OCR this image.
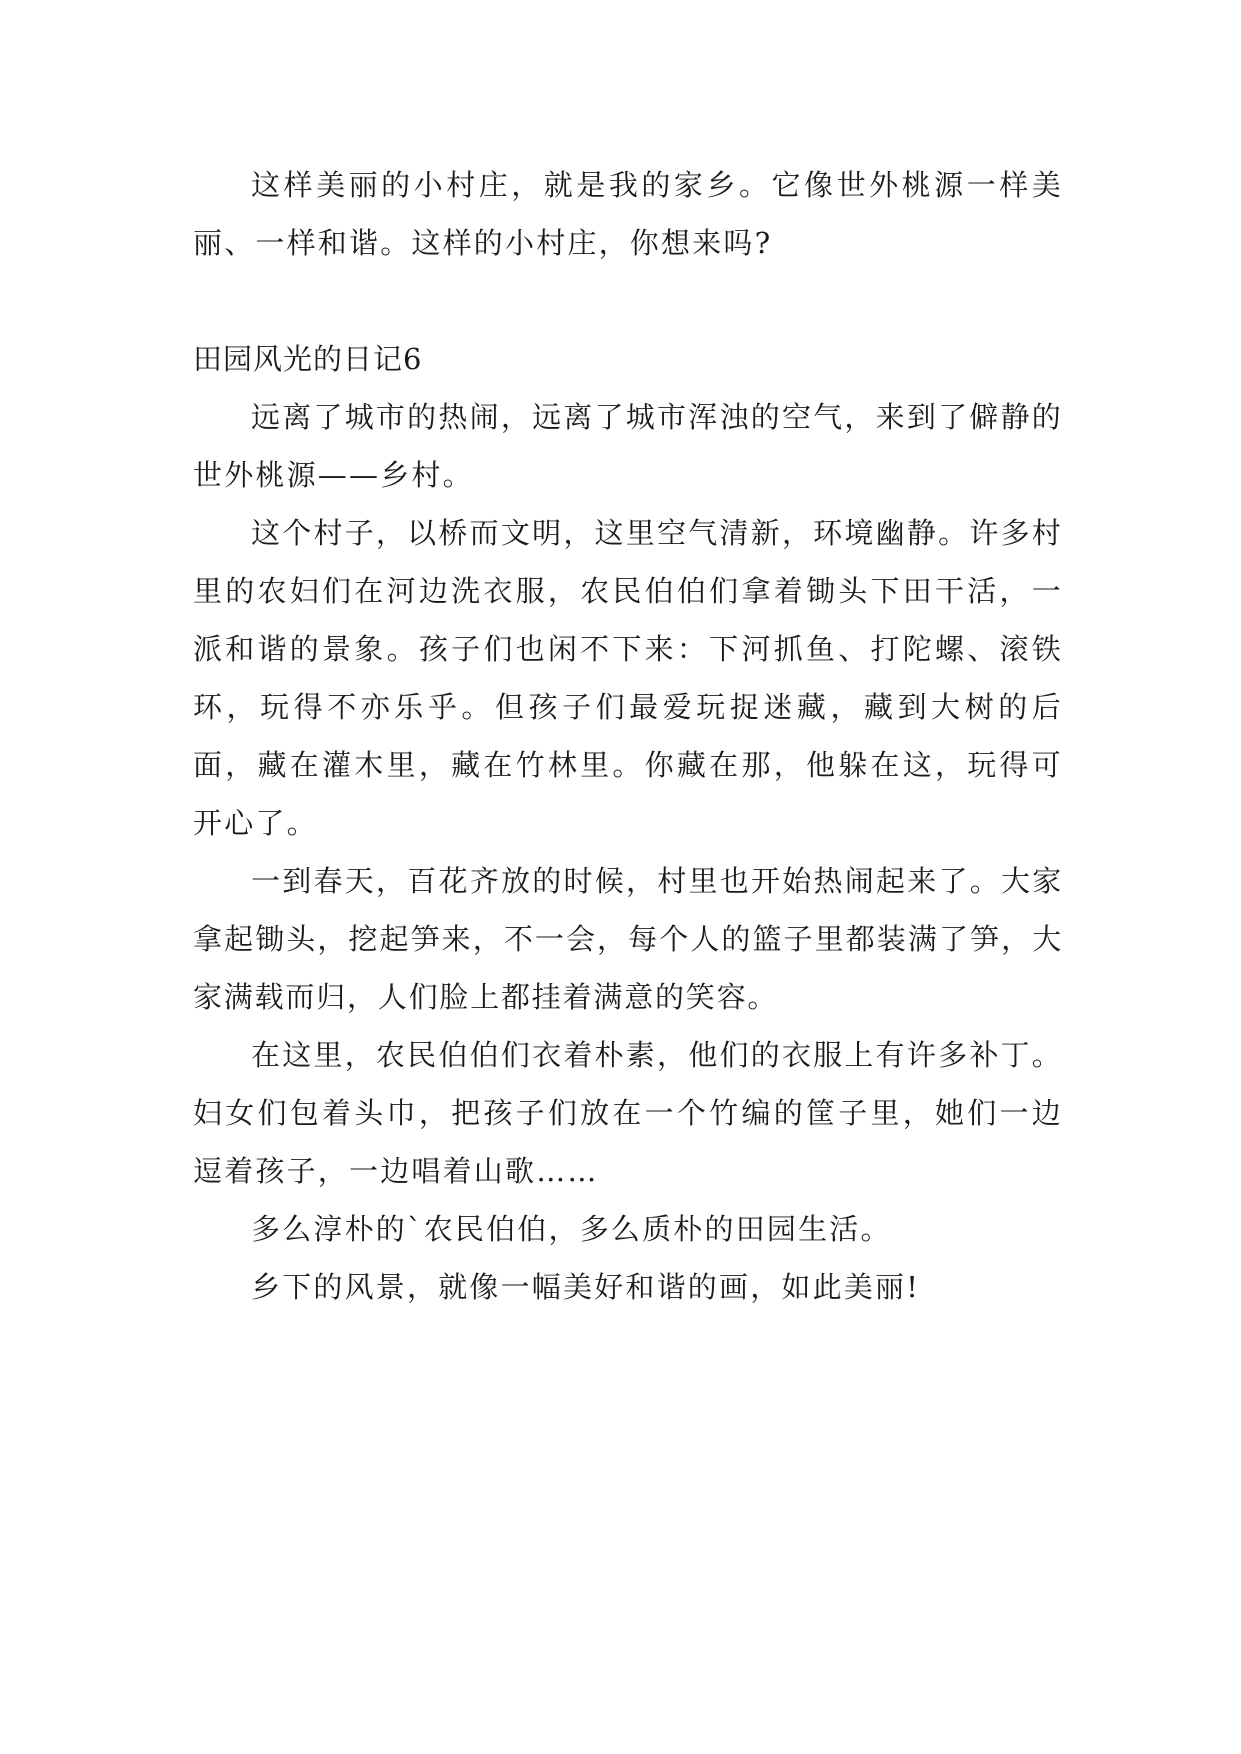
这样美丽的小村庄，就是我的家乡。它像世外桃源一样美丽、一样和谐。这样的小村庄，你想来吗?

田园风光的日记6

远离了城市的热闹，远离了城市浑浊的空气，来到了僻静的世外桃源——乡村。

这个村子，以桥而文明，这里空气清新，环境幽静。许多村里的农妇们在河边洗衣服，农民伯伯们拿着锄头下田干活，一派和谐的景象。孩子们也闲不下来：下河抓鱼、打陀螺、滚铁环，玩得不亦乐乎。但孩子们最爱玩捉迷藏，藏到大树的后面，藏在灌木里，藏在竹林里。你藏在那，他躲在这，玩得可开心了。

一到春天，百花齐放的时候，村里也开始热闹起来了。大家拿起锄头，挖起笋来，不一会，每个人的篮子里都装满了笋，大家满载而归，人们脸上都挂着满意的笑容。

在这里，农民伯伯们衣着朴素，他们的衣服上有许多补丁。妇女们包着头巾，把孩子们放在一个竹编的筐子里，她们一边逗着孩子，一边唱着山歌……

多么淳朴的`农民伯伯，多么质朴的田园生活。

乡下的风景，就像一幅美好和谐的画，如此美丽!
